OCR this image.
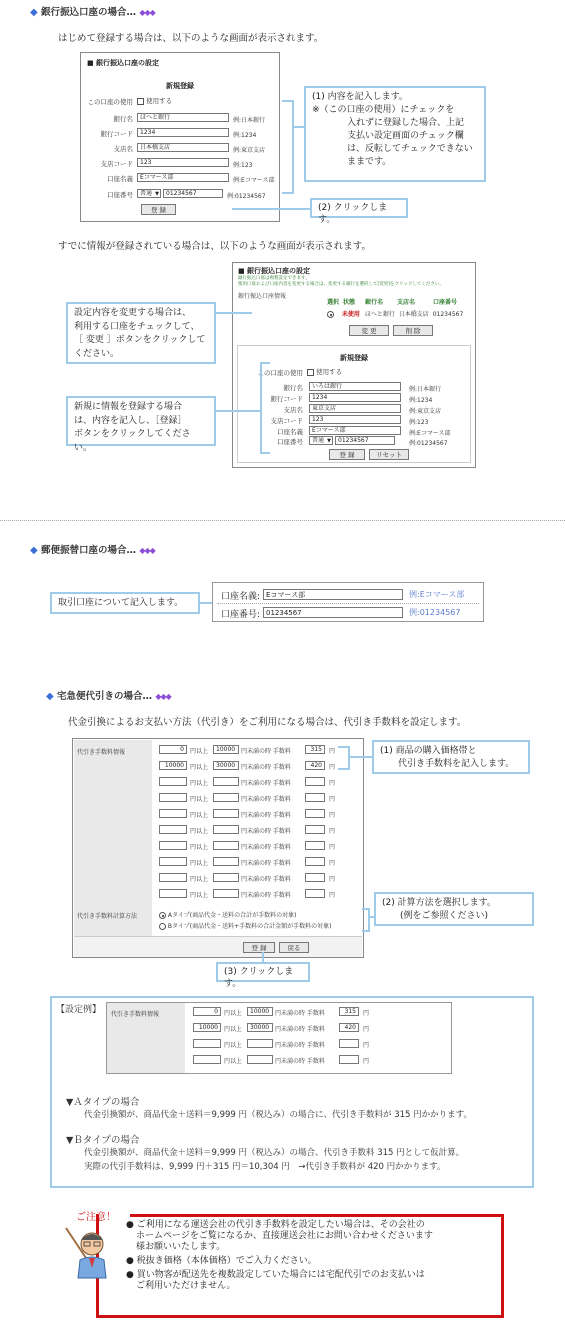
◆ 銀行振込口座の場合… ◆◆◆
はじめて登録する場合は、以下のような画面が表示されます。
■ 銀行振込口座の設定
新規登録
この口座の使用	使用する
銀行名	ほへと銀行	例:日本銀行
銀行コード	1234	例:1234
支店名	日本橋支店	例:東京支店
支店コード	123	例:123
口座名義	Eコマース部	例:Eコマース部
口座番号	普通 ▼	01234567	例:01234567
登 録
(1) 内容を記入します。
※（この口座の使用）にチェックを
入れずに登録した場合、上記
支払い設定画面のチェック欄
は、反転してチェックできない
ままです。
(2) クリックします。
すでに情報が登録されている場合は、以下のような画面が表示されます。
■ 銀行振込口座の設定
銀行振込口座は複数設定できます。
使用口座および口座内容を変更する場合は、変更する銀行を選択して[変更]をクリックしてください。
銀行振込口座情報
選択 状態 銀行名 支店名	口座番号
未使用 ほへと銀行 日本橋支店 01234567
変 更	削 除
新規登録
この口座の使用	使用する
銀行名	いろは銀行	例:日本銀行
銀行コード	1234	例:1234
支店名	東京支店	例:東京支店
支店コード	123	例:123
口座名義	Eコマース部	例:Eコマース部
口座番号	普通 ▼	01234567	例:01234567
登 録	リセット
設定内容を変更する場合は、
利用する口座をチェックして、
［ 変更 ］ボタンをクリックして
ください。
新規に情報を登録する場合
は、内容を記入し、［登録］
ボタンをクリックしてください。
◆ 郵便振替口座の場合… ◆◆◆
取引口座について記入します。
口座名義: Eコマース部	例:Eコマース部
口座番号: 01234567	例:01234567
◆ 宅急便代引きの場合… ◆◆◆
代金引換によるお支払い方法（代引き）をご利用になる場合は、代引き手数料を設定します。
代引き手数料情報	0	円以上	10000 円未満の時 手数料	315	円
10000	円以上	30000 円未満の時 手数料	420	円
円以上	円未満の時 手数料	円
円以上	円未満の時 手数料	円
円以上	円未満の時 手数料	円
円以上	円未満の時 手数料	円
円以上	円未満の時 手数料	円
円以上	円未満の時 手数料	円
円以上	円未満の時 手数料	円
円以上	円未満の時 手数料	円
代引き手数料計算方法	Aタイプ(商品代金・送料の合計が手数料の対象)
Bタイプ(商品代金・送料+手数料の合計金額が手数料の対象)
登 録	戻る
(1) 商品の購入価格帯と
代引き手数料を記入します。
(2) 計算方法を選択します。
(例をご参照ください)
(3) クリックします。
【設定例】 代引き手数料情報	0	円以上	10000 円未満の時 手数料	315	円
10000	円以上	30000 円未満の時 手数料	420	円
円以上	円未満の時 手数料	円
円以上	円未満の時 手数料	円
▼Ａタイプの場合
代金引換額が、商品代金＋送料＝9,999 円（税込み）の場合に、代引き手数料が 315 円かかります。
▼Ｂタイプの場合
代金引換額が、商品代金＋送料＝9,999 円（税込み）の場合、代引き手数料 315 円として仮計算。
実際の代引手数料は、9,999 円＋315 円＝10,304 円　→代引き手数料が 420 円かかります。
ご注意！
● ご利用になる運送会社の代引き手数料を設定したい場合は、その会社の
ホームページをご覧になるか、直接運送会社にお問い合わせくださいます
様お願いいたします。
● 税抜き価格（本体価格）でご入力ください。
● 買い物客が配送先を複数設定していた場合には宅配代引でのお支払いは
ご利用いただけません。
